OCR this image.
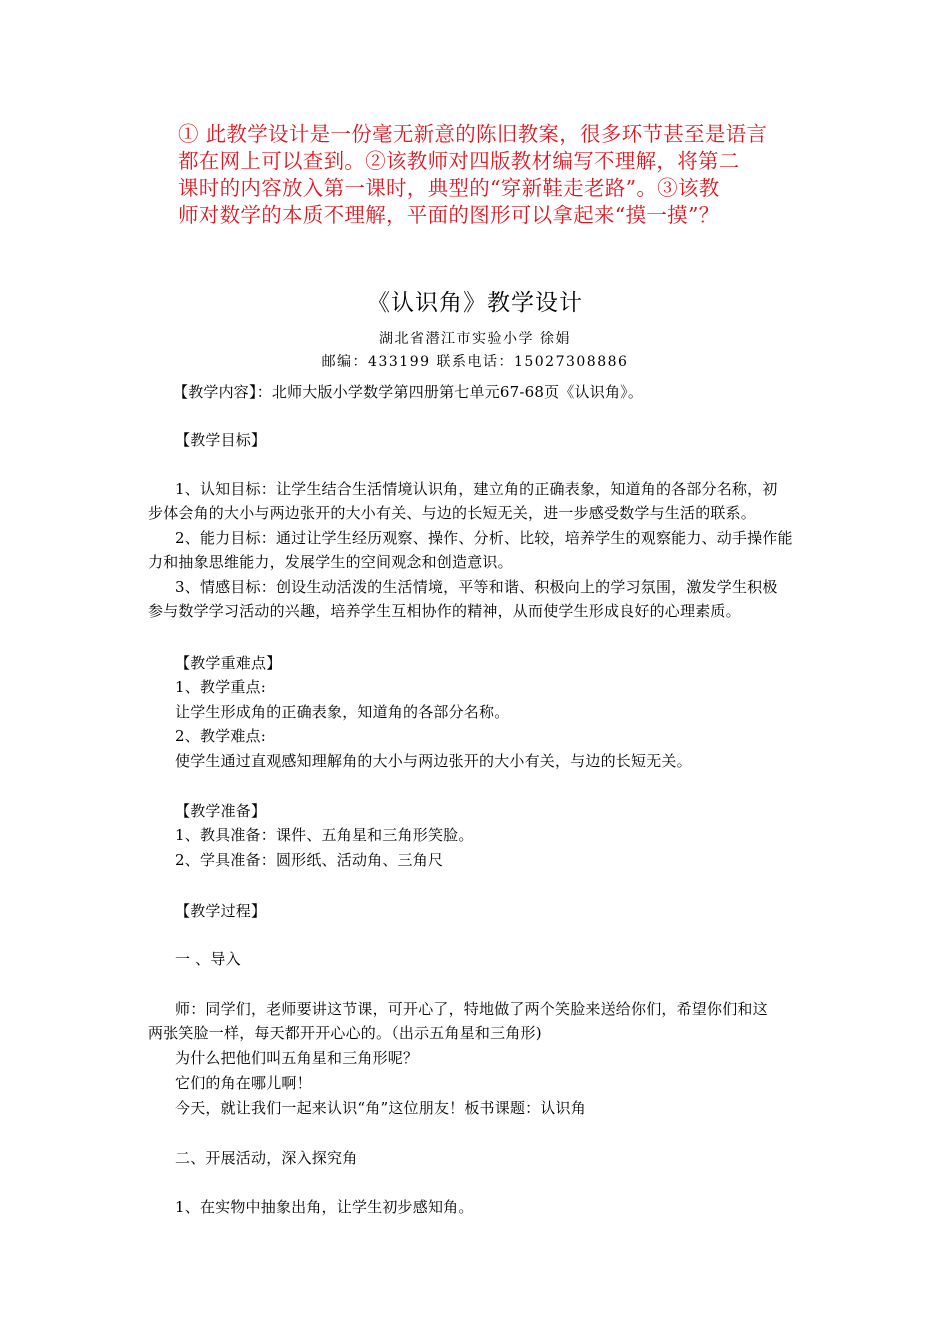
① 此教学设计是一份毫无新意的陈旧教案，很多环节甚至是语言

都在网上可以查到。②该教师对四版教材编写不理解，将第二

课时的内容放入第一课时，典型的“穿新鞋走老路”。③该教

师对数学的本质不理解，平面的图形可以拿起来“摸一摸”？

《认识角》教学设计
湖北省潜江市实验小学 徐娟
邮编：433199 联系电话：15027308886
【教学内容】：北师大版小学数学第四册第七单元67-68页《认识角》。
【教学目标】
1、认知目标：让学生结合生活情境认识角，建立角的正确表象，知道角的各部分名称，初
步体会角的大小与两边张开的大小有关、与边的长短无关，进一步感受数学与生活的联系。
2、能力目标：通过让学生经历观察、操作、分析、比较，培养学生的观察能力、动手操作能
力和抽象思维能力，发展学生的空间观念和创造意识。
3、情感目标：创设生动活泼的生活情境，平等和谐、积极向上的学习氛围，激发学生积极
参与数学学习活动的兴趣，培养学生互相协作的精神，从而使学生形成良好的心理素质。
【教学重难点】
1、教学重点:
让学生形成角的正确表象，知道角的各部分名称。
2、教学难点:
使学生通过直观感知理解角的大小与两边张开的大小有关，与边的长短无关。
【教学准备】
1、教具准备：课件、五角星和三角形笑脸。
2、学具准备：圆形纸、活动角、三角尺
【教学过程】
一 、导入
师：同学们，老师要讲这节课，可开心了，特地做了两个笑脸来送给你们，希望你们和这
两张笑脸一样，每天都开开心心的。（出示五角星和三角形)
为什么把他们叫五角星和三角形呢？
它们的角在哪儿啊！
今天，就让我们一起来认识“角”这位朋友！板书课题：认识角
二、开展活动，深入探究角
1、在实物中抽象出角，让学生初步感知角。
